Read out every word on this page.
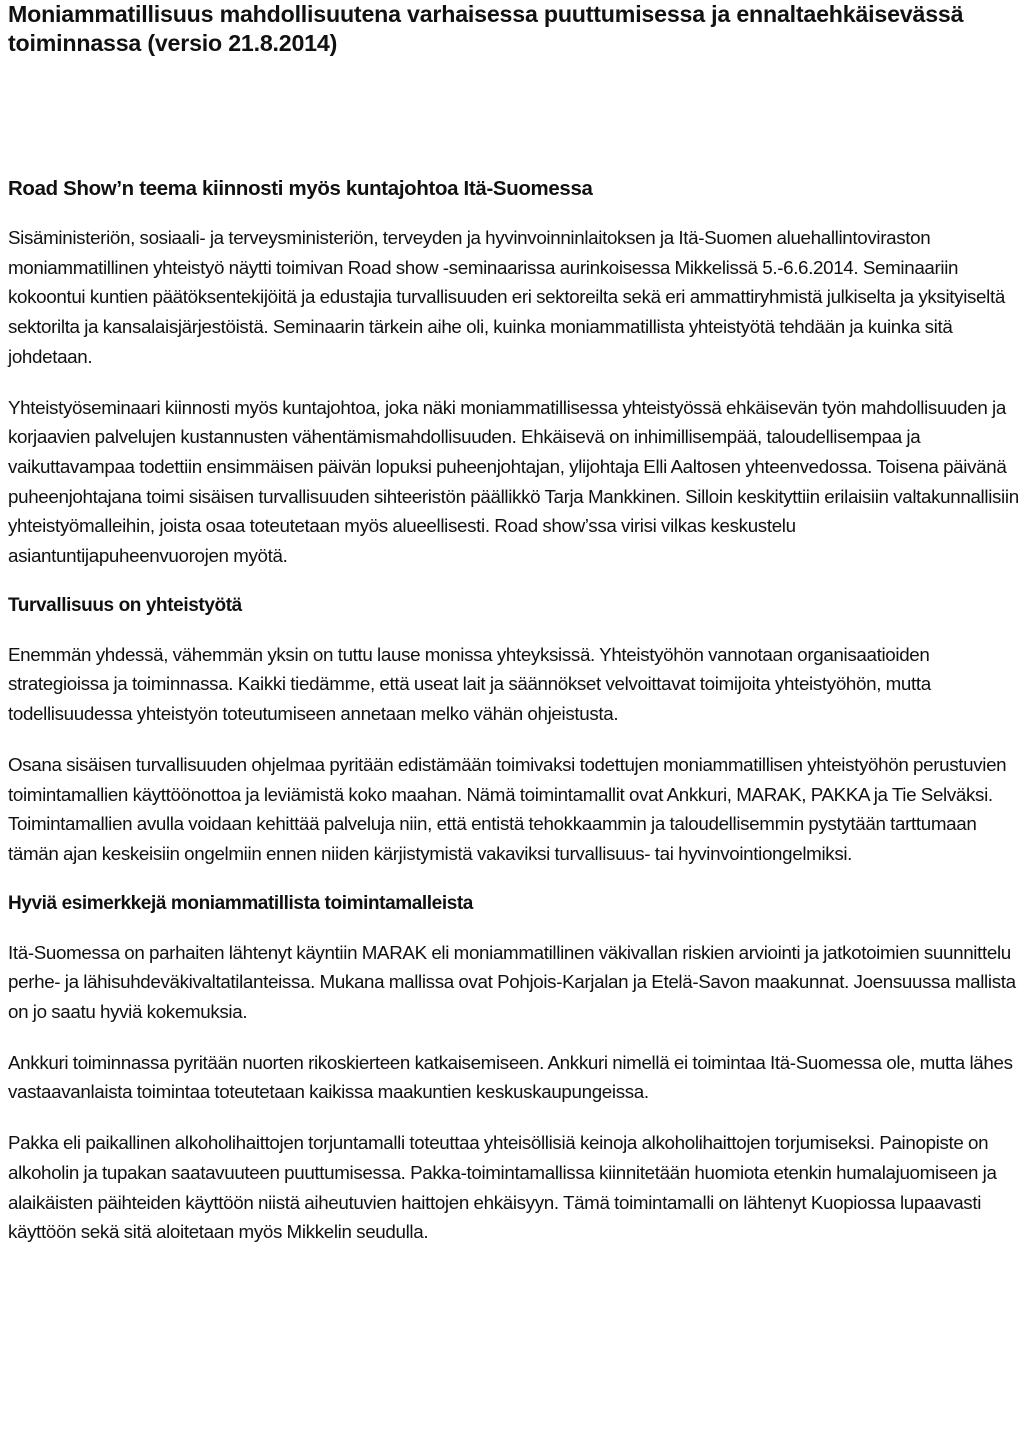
Moniammatillisuus mahdollisuutena varhaisessa puuttumisessa ja ennaltaehkäisevässä toiminnassa (versio 21.8.2014)
Road Show’n teema kiinnosti myös kuntajohtoa Itä-Suomessa

Sisäministeriön, sosiaali- ja terveysministeriön, terveyden ja hyvinvoinninlaitoksen ja Itä-Suomen aluehallintoviraston moniammatillinen yhteistyö näytti toimivan Road show -seminaarissa aurinkoisessa Mikkelissä 5.-6.6.2014. Seminaariin kokoontui kuntien päätöksentekijöitä ja edustajia turvallisuuden eri sektoreilta sekä eri ammattiryhmistä julkiselta ja yksityiseltä sektorilta ja kansalaisjärjestöistä. Seminaarin tärkein aihe oli, kuinka moniammatillista yhteistyötä tehdään ja kuinka sitä johdetaan.

Yhteistyöseminaari kiinnosti myös kuntajohtoa, joka näki moniammatillisessa yhteistyössä ehkäisevän työn mahdollisuuden ja korjaavien palvelujen kustannusten vähentämismahdollisuuden. Ehkäisevä on inhimillisempää, taloudellisempaa ja vaikuttavampaa todettiin ensimmäisen päivän lopuksi puheenjohtajan, ylijohtaja Elli Aaltosen yhteenvedossa. Toisena päivänä puheenjohtajana toimi sisäisen turvallisuuden sihteeristön päällikkö Tarja Mankkinen. Silloin keskityttiin erilaisiin valtakunnallisiin yhteistyömalleihin, joista osaa toteutetaan myös alueellisesti. Road show’ssa virisi vilkas keskustelu asiantuntijapuheenvuorojen myötä.

Turvallisuus on yhteistyötä

Enemmän yhdessä, vähemmän yksin on tuttu lause monissa yhteyksissä. Yhteistyöhön vannotaan organisaatioiden strategioissa ja toiminnassa. Kaikki tiedämme, että useat lait ja säännökset velvoittavat toimijoita yhteistyöhön, mutta todellisuudessa yhteistyön toteutumiseen annetaan melko vähän ohjeistusta.

Osana sisäisen turvallisuuden ohjelmaa pyritään edistämään toimivaksi todettujen moniammatillisen yhteistyöhön perustuvien toimintamallien käyttöönottoa ja leviämistä koko maahan. Nämä toimintamallit ovat Ankkuri, MARAK, PAKKA ja Tie Selväksi. Toimintamallien avulla voidaan kehittää palveluja niin, että entistä tehokkaammin ja taloudellisemmin pystytään tarttumaan tämän ajan keskeisiin ongelmiin ennen niiden kärjistymistä vakaviksi turvallisuus- tai hyvinvointiongelmiksi.

Hyviä esimerkkejä moniammatillista toimintamalleista

Itä-Suomessa on parhaiten lähtenyt käyntiin MARAK eli moniammatillinen väkivallan riskien arviointi ja jatkotoimien suunnittelu perhe- ja lähisuhdeväkivaltatilanteissa. Mukana mallissa ovat Pohjois-Karjalan ja Etelä-Savon maakunnat. Joensuussa mallista on jo saatu hyviä kokemuksia.

Ankkuri toiminnassa pyritään nuorten rikoskierteen katkaisemiseen. Ankkuri nimellä ei toimintaa Itä-Suomessa ole, mutta lähes vastaavanlaista toimintaa toteutetaan kaikissa maakuntien keskuskaupungeissa.

Pakka eli paikallinen alkoholihaittojen torjuntamalli toteuttaa yhteisöllisiä keinoja alkoholihaittojen torjumiseksi. Painopiste on alkoholin ja tupakan saatavuuteen puuttumisessa. Pakka-toimintamallissa kiinnitetään huomiota etenkin humalajuomiseen ja alaikäisten päihteiden käyttöön niistä aiheutuvien haittojen ehkäisyyn. Tämä toimintamalli on lähtenyt Kuopiossa lupaavasti käyttöön sekä sitä aloitetaan myös Mikkelin seudulla.
